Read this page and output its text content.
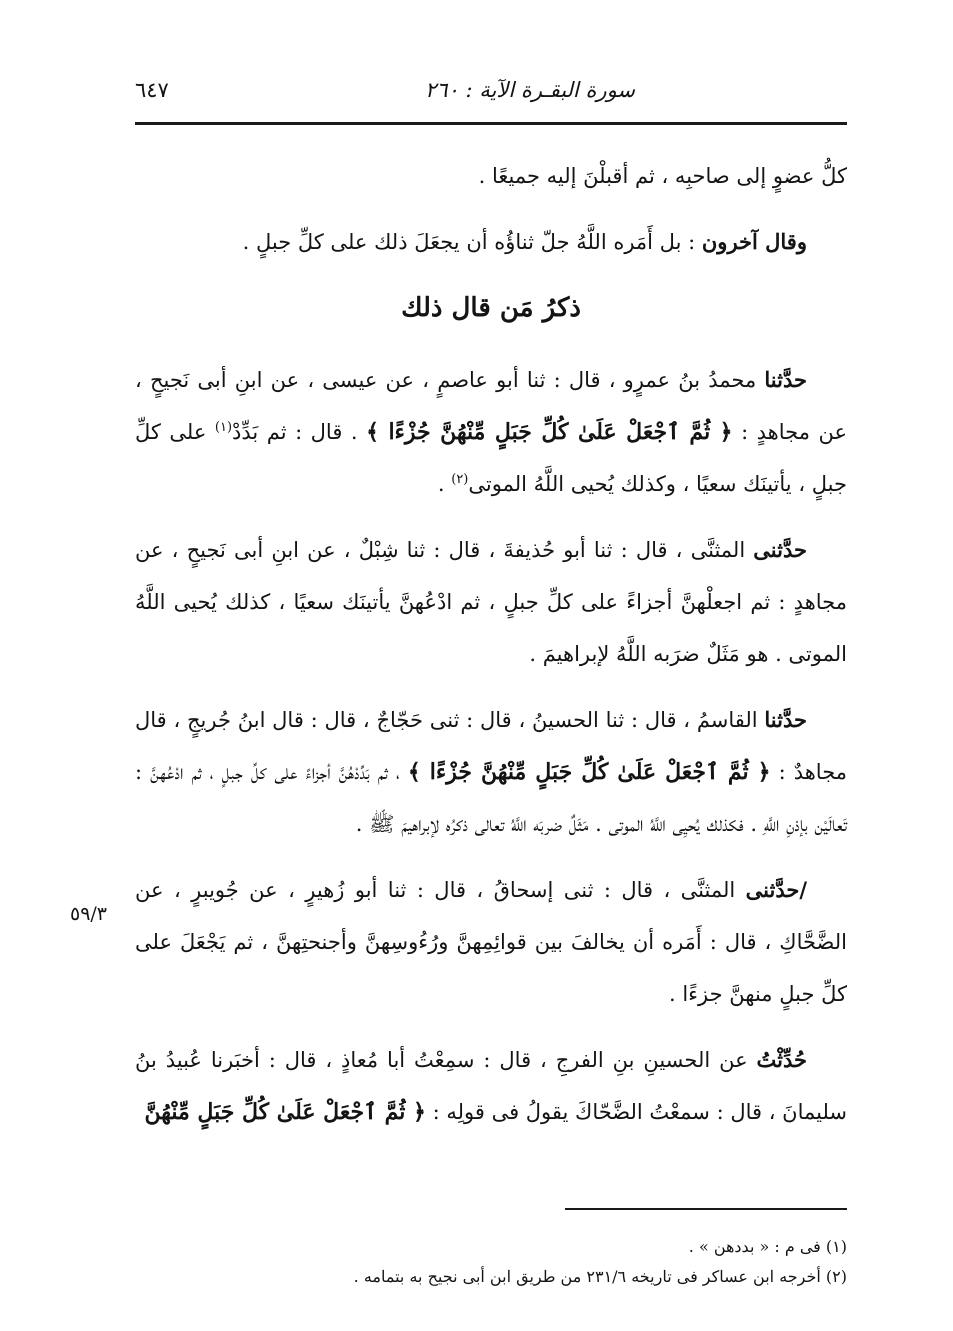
٦٤٧	سورة البقـرة الآية : ٢٦٠

كلُّ عضوٍ إلى صاحبِه ، ثم أقبلْنَ إليه جميعًا .

وقال آخرون : بل أَمَره اللَّهُ جلّ ثناؤُه أن يجعَلَ ذلك على كلِّ جبلٍ .

ذكرُ مَن قال ذلك

حدَّثنا محمدُ بنُ عمرٍو ، قال : ثنا أبو عاصمٍ ، عن عيسى ، عن ابنِ أبى نَجيحٍ ، عن مجاهدٍ : ﴿ ثُمَّ ٱجْعَلْ عَلَىٰ كُلِّ جَبَلٍ مِّنْهُنَّ جُزْءًا ﴾ . قال : ثم بَدِّدْ$^{(١)}$ على كلِّ جبلٍ ، يأتينَك سعيًا ، وكذلك يُحيى اللَّهُ الموتى$^{(٢)}$ .

حدَّثنى المثنَّى ، قال : ثنا أبو حُذيفةَ ، قال : ثنا شِبْلٌ ، عن ابنِ أبى نَجيحٍ ، عن مجاهدٍ : ثم اجعلْهنَّ أجزاءً على كلِّ جبلٍ ، ثم ادْعُهنَّ يأتينَك سعيًا ، كذلك يُحيى اللَّهُ الموتى . هو مَثَلٌ ضرَبه اللَّهُ لإبراهيمَ .

حدَّثنا القاسمُ ، قال : ثنا الحسينُ ، قال : ثنى حَجّاجٌ ، قال : قال ابنُ جُريجٍ ، قال مجاهدٌ : ﴿ ثُمَّ ٱجْعَلْ عَلَىٰ كُلِّ جَبَلٍ مِّنْهُنَّ جُزْءًا ﴾ ، ثم بَدِّدْهُنَّ أجزاءً على كلِّ جبلٍ ، ثم ادْعُهنَّ : تَعالَيْن بإذنِ اللَّهِ . فكذلك يُحيِى اللَّهُ الموتى . مَثَلٌ ضربَه اللَّهُ تعالى ذكرُه لإبراهيمَ ﷺ .

/حدَّثنى المثنَّى ، قال : ثنى إسحاقُ ، قال : ثنا أبو زُهيرٍ ، عن جُويبرٍ ، عن الضَّحَّاكِ ، قال : أَمَره أن يخالفَ بين قوائِمِهنَّ ورُءُوسِهنَّ وأجنحتِهنَّ ، ثم يَجْعَلَ على كلِّ جبلٍ منهنَّ جزءًا .

حُدِّثْتُ عن الحسينِ بنِ الفرجِ ، قال : سمِعْتُ أبا مُعاذٍ ، قال : أخبَرنا عُبيدُ بنُ سليمانَ ، قال : سمعْتُ الضَّحّاكَ يقولُ فى قولِه : ﴿ ثُمَّ ٱجْعَلْ عَلَىٰ كُلِّ جَبَلٍ مِّنْهُنَّ

٥٩/٣
(١) فى م : « بددهن » .
(٢) أخرجه ابن عساكر فى تاريخه ٢٣١/٦ من طريق ابن أبى نجيح به بتمامه .
